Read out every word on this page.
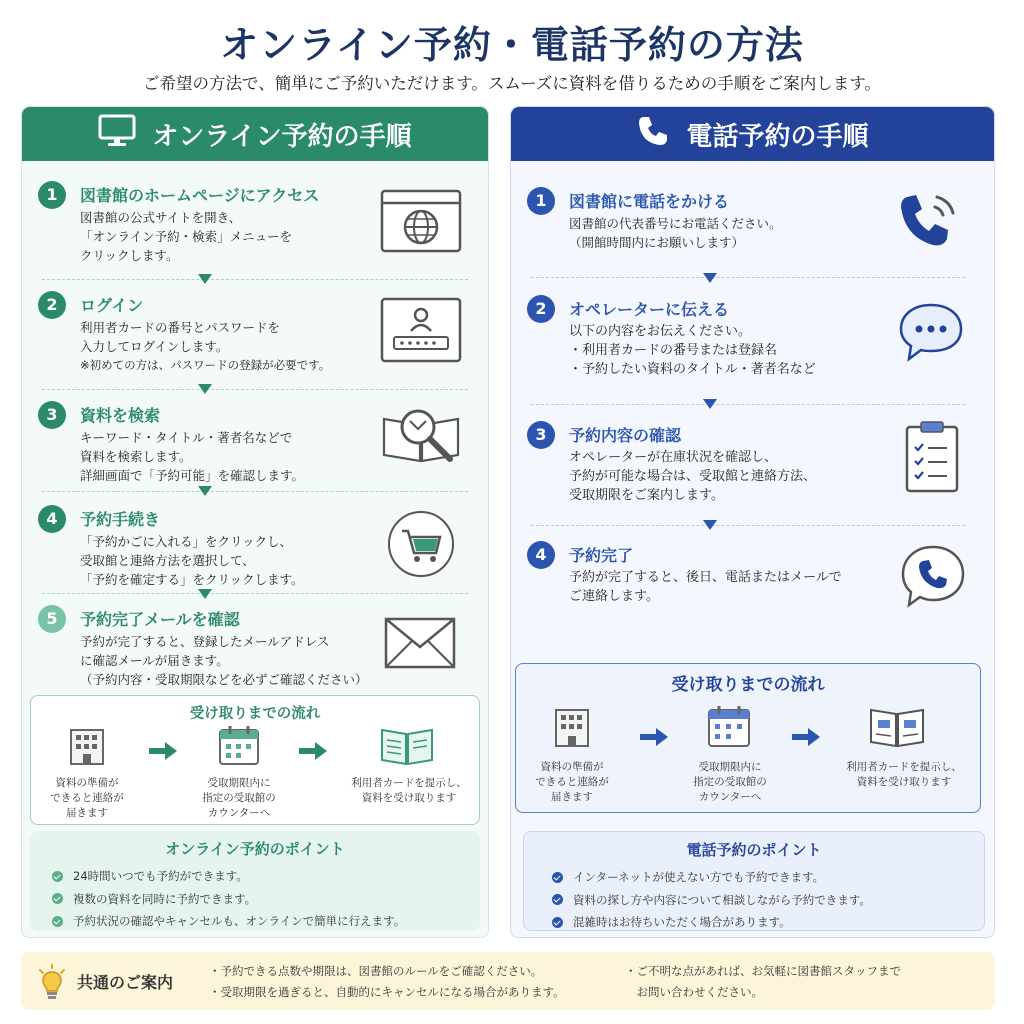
オンライン予約・電話予約の方法
ご希望の方法で、簡単にご予約いただけます。スムーズに資料を借りるための手順をご案内します。
オンライン予約の手順
1	図書館のホームページにアクセス
図書館の公式サイトを開き、
「オンライン予約・検索」メニューを
クリックします。
2	ログイン
利用者カードの番号とパスワードを
入力してログインします。
※初めての方は、パスワードの登録が必要です。
3	資料を検索
キーワード・タイトル・著者名などで
資料を検索します。
詳細画面で「予約可能」を確認します。
4	予約手続き
「予約かごに入れる」をクリックし、
受取館と連絡方法を選択して、
「予約を確定する」をクリックします。
5	予約完了メールを確認
予約が完了すると、登録したメールアドレス
に確認メールが届きます。
（予約内容・受取期限などを必ずご確認ください）
受け取りまでの流れ
資料の準備が
できると連絡が
届きます
受取期限内に
指定の受取館の
カウンターへ
利用者カードを提示し、
資料を受け取ります
オンライン予約のポイント
24時間いつでも予約ができます。
複数の資料を同時に予約できます。
予約状況の確認やキャンセルも、オンラインで簡単に行えます。
電話予約の手順
1	図書館に電話をかける
図書館の代表番号にお電話ください。
（開館時間内にお願いします）
2	オペレーターに伝える
以下の内容をお伝えください。
・利用者カードの番号または登録名
・予約したい資料のタイトル・著者名など
3	予約内容の確認
オペレーターが在庫状況を確認し、
予約が可能な場合は、受取館と連絡方法、
受取期限をご案内します。
4	予約完了
予約が完了すると、後日、電話またはメールで
ご連絡します。
受け取りまでの流れ
資料の準備が
できると連絡が
届きます
受取期限内に
指定の受取館の
カウンターへ
利用者カードを提示し、
資料を受け取ります
電話予約のポイント
インターネットが使えない方でも予約できます。
資料の探し方や内容について相談しながら予約できます。
混雑時はお待ちいただく場合があります。
共通のご案内
・予約できる点数や期限は、図書館のルールをご確認ください。
・受取期限を過ぎると、自動的にキャンセルになる場合があります。
・ご不明な点があれば、お気軽に図書館スタッフまで
　お問い合わせください。
